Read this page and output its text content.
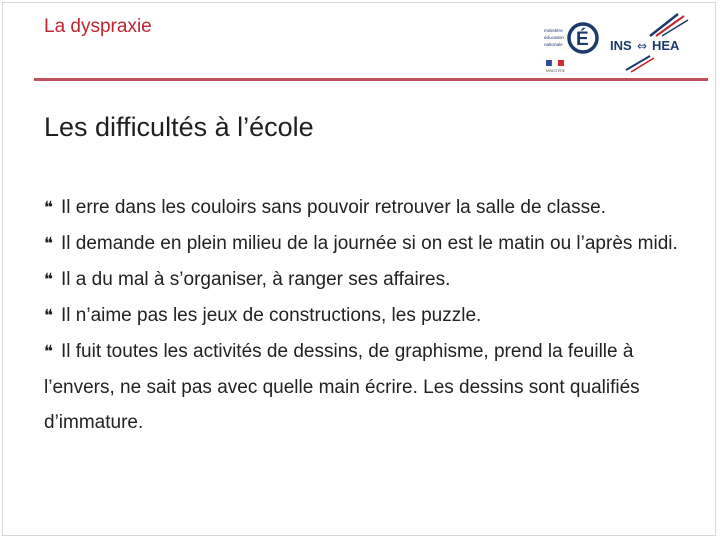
La dyspraxie	ministère
éducation
nationale É
MINISTÈRE
INS ⇔ HEA
Les difficultés à l’école

❝ Il erre dans les couloirs sans pouvoir retrouver la salle de classe.

❝ Il demande en plein milieu de la journée si on est le matin ou l’après midi.

❝ Il a du mal à s’organiser, à ranger ses affaires.

❝ Il n’aime pas les jeux de constructions, les puzzle.

❝ Il fuit toutes les activités de dessins, de graphisme, prend la feuille à l’envers, ne sait pas avec quelle main écrire. Les dessins sont qualifiés d’immature.
